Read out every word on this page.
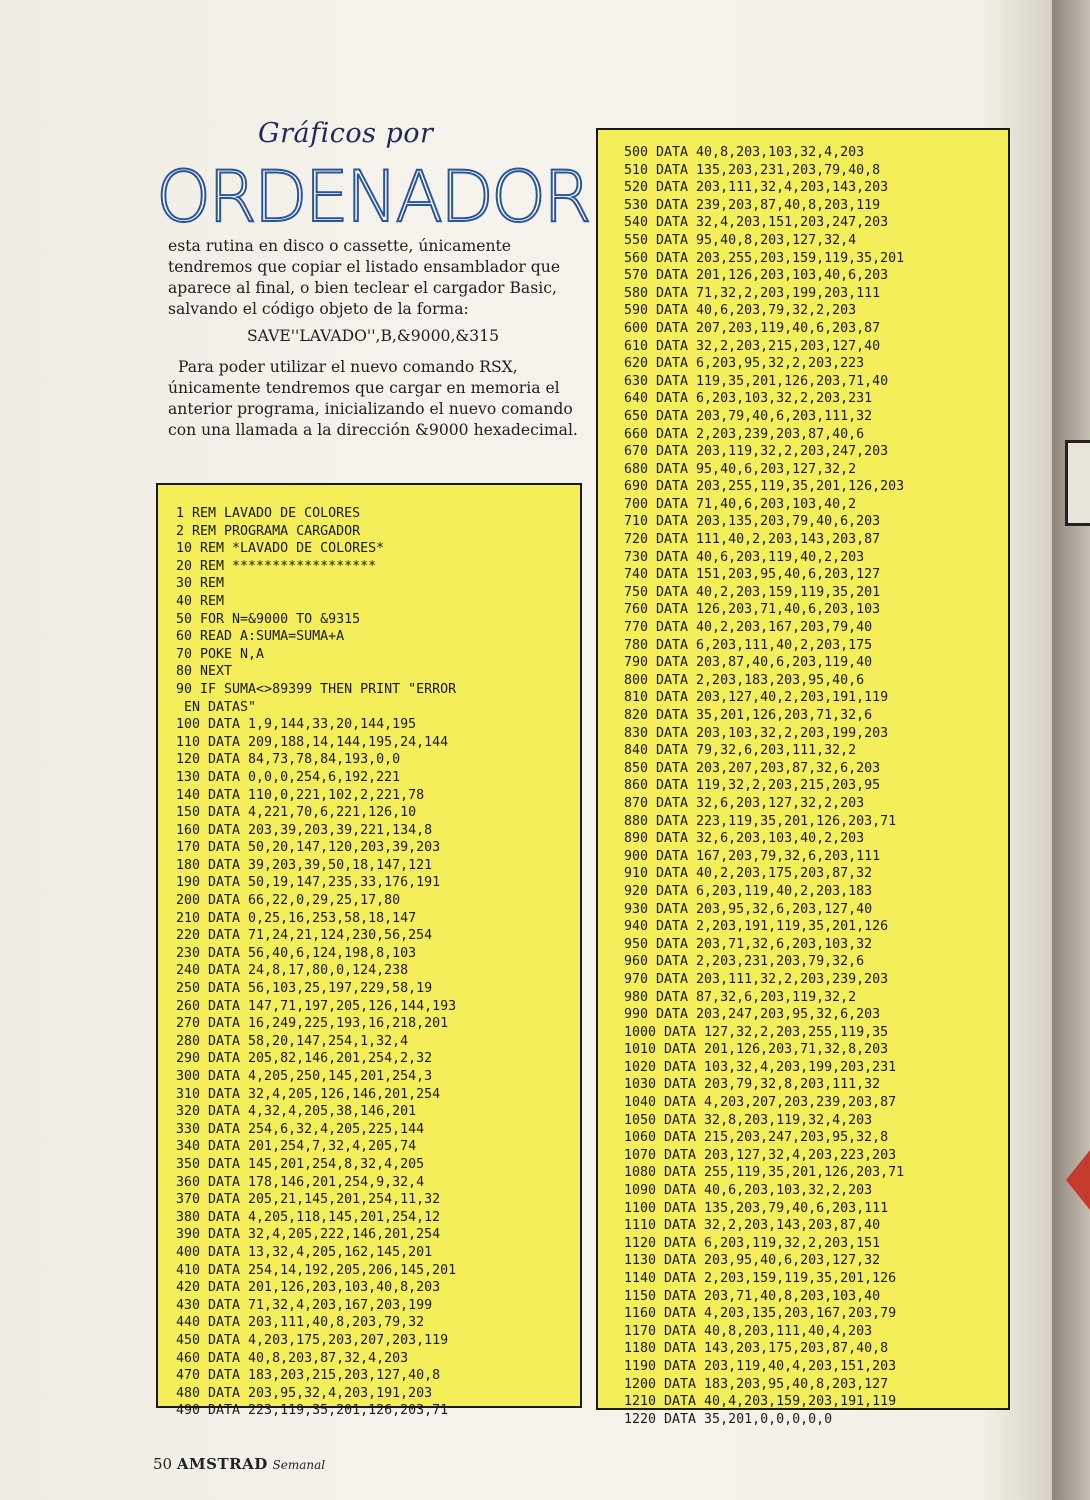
Gráficos por
ORDENADOR

esta rutina en disco o cassette, únicamente tendremos que copiar el listado ensamblador que aparece al final, o bien teclear el cargador Basic, salvando el código objeto de la forma:

SAVE''LAVADO'',B,&9000,&315

Para poder utilizar el nuevo comando RSX, únicamente tendremos que cargar en memoria el anterior programa, inicializando el nuevo comando con una llamada a la dirección &9000 hexadecimal.

1 REM LAVADO DE COLORES
2 REM PROGRAMA CARGADOR
10 REM *LAVADO DE COLORES*
20 REM ******************
30 REM
40 REM
50 FOR N=&9000 TO &9315
60 READ A:SUMA=SUMA+A
70 POKE N,A
80 NEXT
90 IF SUMA<>89399 THEN PRINT "ERROR
EN DATAS"
100 DATA 1,9,144,33,20,144,195
110 DATA 209,188,14,144,195,24,144
120 DATA 84,73,78,84,193,0,0
130 DATA 0,0,0,254,6,192,221
140 DATA 110,0,221,102,2,221,78
150 DATA 4,221,70,6,221,126,10
160 DATA 203,39,203,39,221,134,8
170 DATA 50,20,147,120,203,39,203
180 DATA 39,203,39,50,18,147,121
190 DATA 50,19,147,235,33,176,191
200 DATA 66,22,0,29,25,17,80
210 DATA 0,25,16,253,58,18,147
220 DATA 71,24,21,124,230,56,254
230 DATA 56,40,6,124,198,8,103
240 DATA 24,8,17,80,0,124,238
250 DATA 56,103,25,197,229,58,19
260 DATA 147,71,197,205,126,144,193
270 DATA 16,249,225,193,16,218,201
280 DATA 58,20,147,254,1,32,4
290 DATA 205,82,146,201,254,2,32
300 DATA 4,205,250,145,201,254,3
310 DATA 32,4,205,126,146,201,254
320 DATA 4,32,4,205,38,146,201
330 DATA 254,6,32,4,205,225,144
340 DATA 201,254,7,32,4,205,74
350 DATA 145,201,254,8,32,4,205
360 DATA 178,146,201,254,9,32,4
370 DATA 205,21,145,201,254,11,32
380 DATA 4,205,118,145,201,254,12
390 DATA 32,4,205,222,146,201,254
400 DATA 13,32,4,205,162,145,201
410 DATA 254,14,192,205,206,145,201
420 DATA 201,126,203,103,40,8,203
430 DATA 71,32,4,203,167,203,199
440 DATA 203,111,40,8,203,79,32
450 DATA 4,203,175,203,207,203,119
460 DATA 40,8,203,87,32,4,203
470 DATA 183,203,215,203,127,40,8
480 DATA 203,95,32,4,203,191,203
490 DATA 223,119,35,201,126,203,71
500 DATA 40,8,203,103,32,4,203
510 DATA 135,203,231,203,79,40,8
520 DATA 203,111,32,4,203,143,203
530 DATA 239,203,87,40,8,203,119
540 DATA 32,4,203,151,203,247,203
550 DATA 95,40,8,203,127,32,4
560 DATA 203,255,203,159,119,35,201
570 DATA 201,126,203,103,40,6,203
580 DATA 71,32,2,203,199,203,111
590 DATA 40,6,203,79,32,2,203
600 DATA 207,203,119,40,6,203,87
610 DATA 32,2,203,215,203,127,40
620 DATA 6,203,95,32,2,203,223
630 DATA 119,35,201,126,203,71,40
640 DATA 6,203,103,32,2,203,231
650 DATA 203,79,40,6,203,111,32
660 DATA 2,203,239,203,87,40,6
670 DATA 203,119,32,2,203,247,203
680 DATA 95,40,6,203,127,32,2
690 DATA 203,255,119,35,201,126,203
700 DATA 71,40,6,203,103,40,2
710 DATA 203,135,203,79,40,6,203
720 DATA 111,40,2,203,143,203,87
730 DATA 40,6,203,119,40,2,203
740 DATA 151,203,95,40,6,203,127
750 DATA 40,2,203,159,119,35,201
760 DATA 126,203,71,40,6,203,103
770 DATA 40,2,203,167,203,79,40
780 DATA 6,203,111,40,2,203,175
790 DATA 203,87,40,6,203,119,40
800 DATA 2,203,183,203,95,40,6
810 DATA 203,127,40,2,203,191,119
820 DATA 35,201,126,203,71,32,6
830 DATA 203,103,32,2,203,199,203
840 DATA 79,32,6,203,111,32,2
850 DATA 203,207,203,87,32,6,203
860 DATA 119,32,2,203,215,203,95
870 DATA 32,6,203,127,32,2,203
880 DATA 223,119,35,201,126,203,71
890 DATA 32,6,203,103,40,2,203
900 DATA 167,203,79,32,6,203,111
910 DATA 40,2,203,175,203,87,32
920 DATA 6,203,119,40,2,203,183
930 DATA 203,95,32,6,203,127,40
940 DATA 2,203,191,119,35,201,126
950 DATA 203,71,32,6,203,103,32
960 DATA 2,203,231,203,79,32,6
970 DATA 203,111,32,2,203,239,203
980 DATA 87,32,6,203,119,32,2
990 DATA 203,247,203,95,32,6,203
1000 DATA 127,32,2,203,255,119,35
1010 DATA 201,126,203,71,32,8,203
1020 DATA 103,32,4,203,199,203,231
1030 DATA 203,79,32,8,203,111,32
1040 DATA 4,203,207,203,239,203,87
1050 DATA 32,8,203,119,32,4,203
1060 DATA 215,203,247,203,95,32,8
1070 DATA 203,127,32,4,203,223,203
1080 DATA 255,119,35,201,126,203,71
1090 DATA 40,6,203,103,32,2,203
1100 DATA 135,203,79,40,6,203,111
1110 DATA 32,2,203,143,203,87,40
1120 DATA 6,203,119,32,2,203,151
1130 DATA 203,95,40,6,203,127,32
1140 DATA 2,203,159,119,35,201,126
1150 DATA 203,71,40,8,203,103,40
1160 DATA 4,203,135,203,167,203,79
1170 DATA 40,8,203,111,40,4,203
1180 DATA 143,203,175,203,87,40,8
1190 DATA 203,119,40,4,203,151,203
1200 DATA 183,203,95,40,8,203,127
1210 DATA 40,4,203,159,203,191,119
1220 DATA 35,201,0,0,0,0,0
50 AMSTRAD Semanal
